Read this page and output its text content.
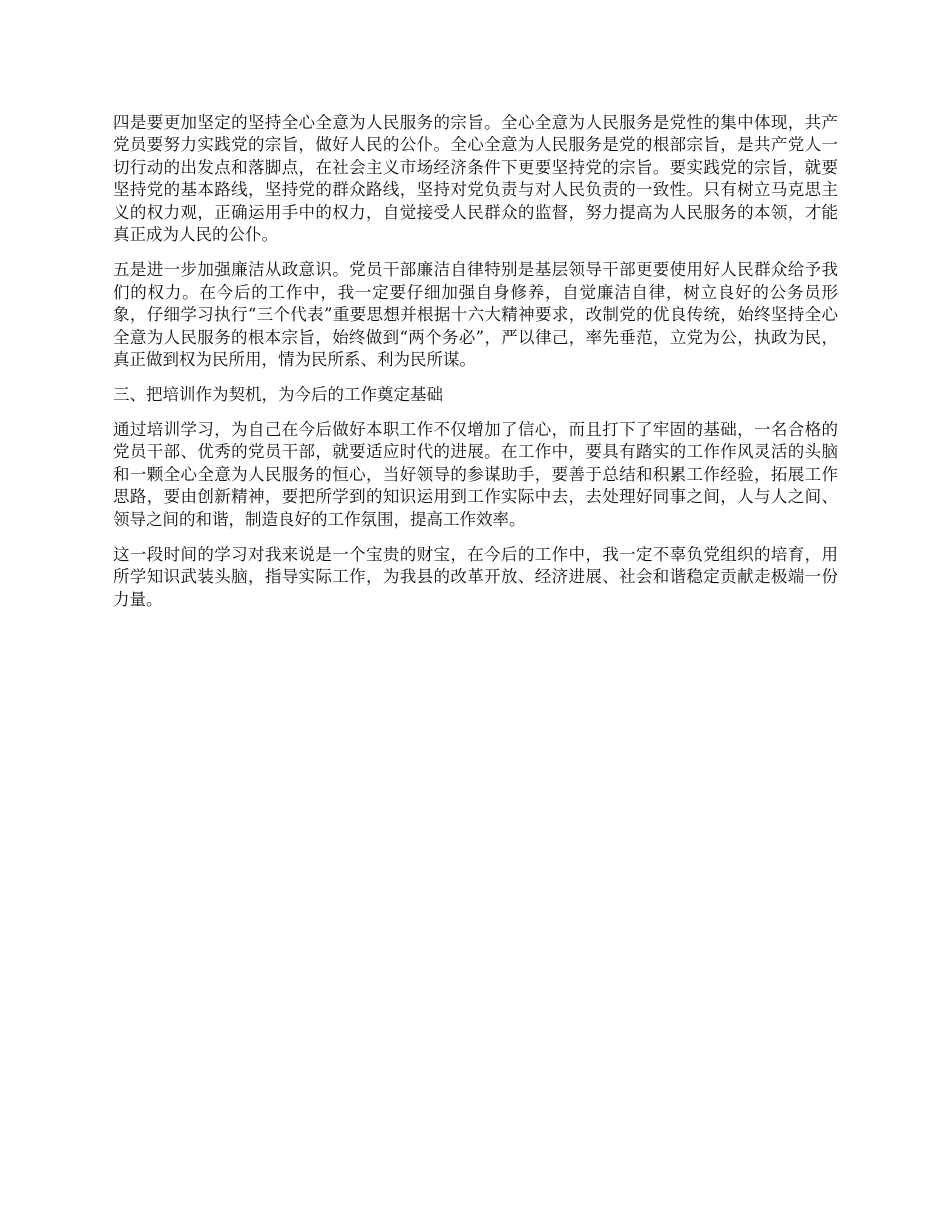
四是要更加坚定的坚持全心全意为人民服务的宗旨。全心全意为人民服务是党性的集中体现，共产党员要努力实践党的宗旨，做好人民的公仆。全心全意为人民服务是党的根部宗旨，是共产党人一切行动的出发点和落脚点，在社会主义市场经济条件下更要坚持党的宗旨。要实践党的宗旨，就要坚持党的基本路线，坚持党的群众路线，坚持对党负责与对人民负责的一致性。只有树立马克思主义的权力观，正确运用手中的权力，自觉接受人民群众的监督，努力提高为人民服务的本领，才能真正成为人民的公仆。

五是进一步加强廉洁从政意识。党员干部廉洁自律特别是基层领导干部更要使用好人民群众给予我们的权力。在今后的工作中，我一定要仔细加强自身修养，自觉廉洁自律，树立良好的公务员形象，仔细学习执行“三个代表”重要思想并根据十六大精神要求，改制党的优良传统，始终坚持全心全意为人民服务的根本宗旨，始终做到“两个务必”，严以律己，率先垂范，立党为公，执政为民，真正做到权为民所用，情为民所系、利为民所谋。

三、把培训作为契机，为今后的工作奠定基础

通过培训学习，为自己在今后做好本职工作不仅增加了信心，而且打下了牢固的基础，一名合格的党员干部、优秀的党员干部，就要适应时代的进展。在工作中，要具有踏实的工作作风灵活的头脑和一颗全心全意为人民服务的恒心，当好领导的参谋助手，要善于总结和积累工作经验，拓展工作思路，要由创新精神，要把所学到的知识运用到工作实际中去，去处理好同事之间，人与人之间、领导之间的和谐，制造良好的工作氛围，提高工作效率。

这一段时间的学习对我来说是一个宝贵的财宝，在今后的工作中，我一定不辜负党组织的培育，用所学知识武装头脑，指导实际工作，为我县的改革开放、经济进展、社会和谐稳定贡献走极端一份力量。
